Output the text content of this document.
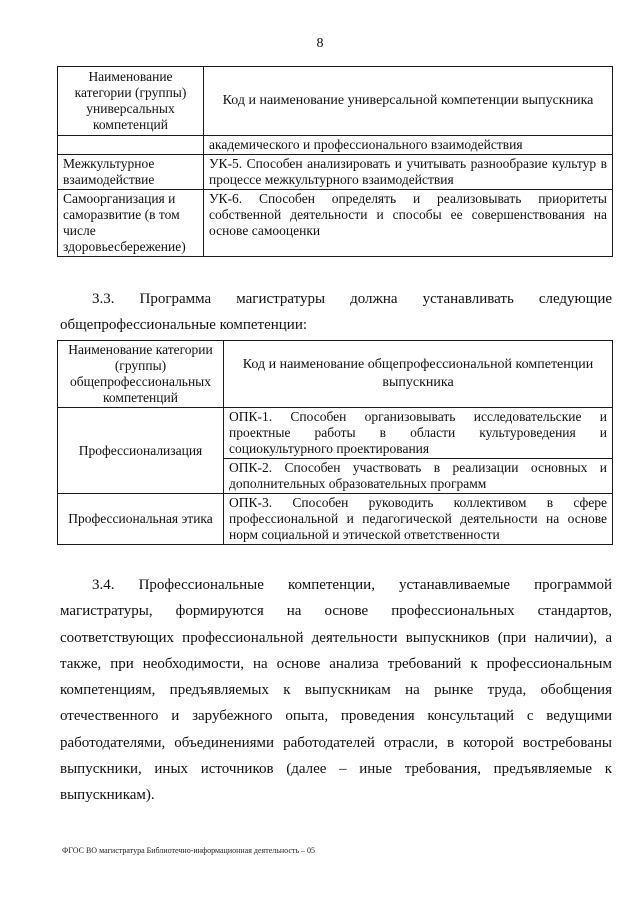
8
Наименование категории (группы) универсальных компетенций	Код и наименование универсальной компетенции выпускника
	академического и профессионального взаимодействия
Межкультурное взаимодействие	УК-5. Способен анализировать и учитывать разнообразие культур в процессе межкультурного взаимодействия
Самоорганизация и саморазвитие (в том числе здоровьесбережение)	УК-6. Способен определять и реализовывать приоритеты собственной деятельности и способы ее совершенствования на основе самооценки

3.3. Программа магистратуры должна устанавливать следующие общепрофессиональные компетенции:

Наименование категории (группы) общепрофессиональных компетенций	Код и наименование общепрофессиональной компетенции выпускника
Профессионализация	ОПК-1. Способен организовывать исследовательские и проектные работы в области культуроведения и социокультурного проектирования
	ОПК-2. Способен участвовать в реализации основных и дополнительных образовательных программ
Профессиональная этика	ОПК-3. Способен руководить коллективом в сфере профессиональной и педагогической деятельности на основе норм социальной и этической ответственности

3.4. Профессиональные компетенции, устанавливаемые программой магистратуры, формируются на основе профессиональных стандартов, соответствующих профессиональной деятельности выпускников (при наличии), а также, при необходимости, на основе анализа требований к профессиональным компетенциям, предъявляемых к выпускникам на рынке труда, обобщения отечественного и зарубежного опыта, проведения консультаций с ведущими работодателями, объединениями работодателей отрасли, в которой востребованы выпускники, иных источников (далее – иные требования, предъявляемые к выпускникам).

ФГОС ВО магистратура Библиотечно-информационная деятельность – 05
